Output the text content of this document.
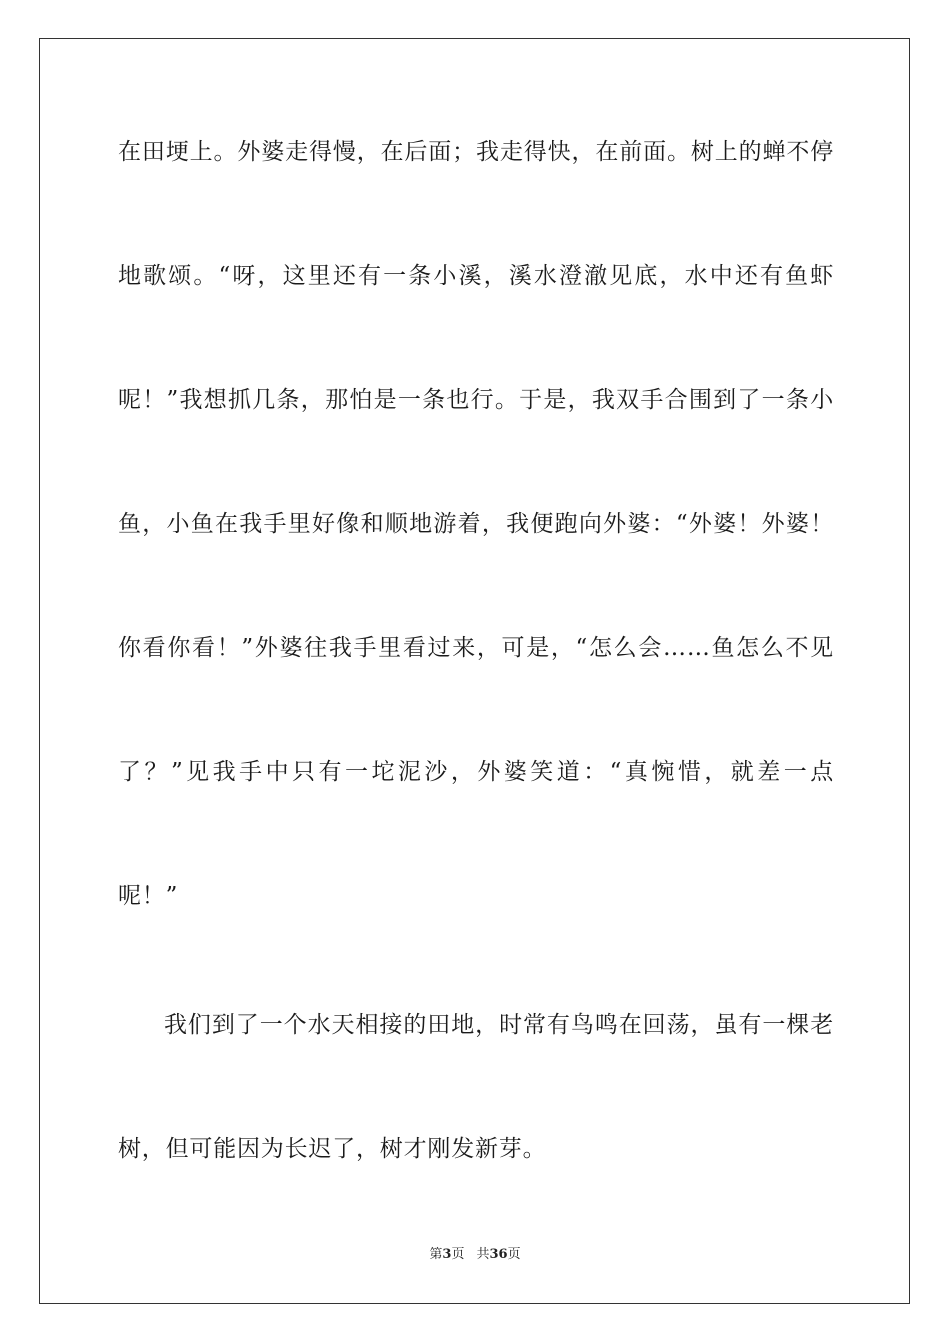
在田埂上。外婆走得慢，在后面；我走得快，在前面。树上的蝉不停
地歌颂。“呀，这里还有一条小溪，溪水澄澈见底，水中还有鱼虾
呢！”我想抓几条，那怕是一条也行。于是，我双手合围到了一条小
鱼，小鱼在我手里好像和顺地游着，我便跑向外婆：“外婆！外婆！
你看你看！”外婆往我手里看过来，可是，“怎么会……鱼怎么不见
了？”见我手中只有一坨泥沙，外婆笑道：“真惋惜，就差一点
呢！”
我们到了一个水天相接的田地，时常有鸟鸣在回荡，虽有一棵老
树，但可能因为长迟了，树才刚发新芽。
第3页 共36页
